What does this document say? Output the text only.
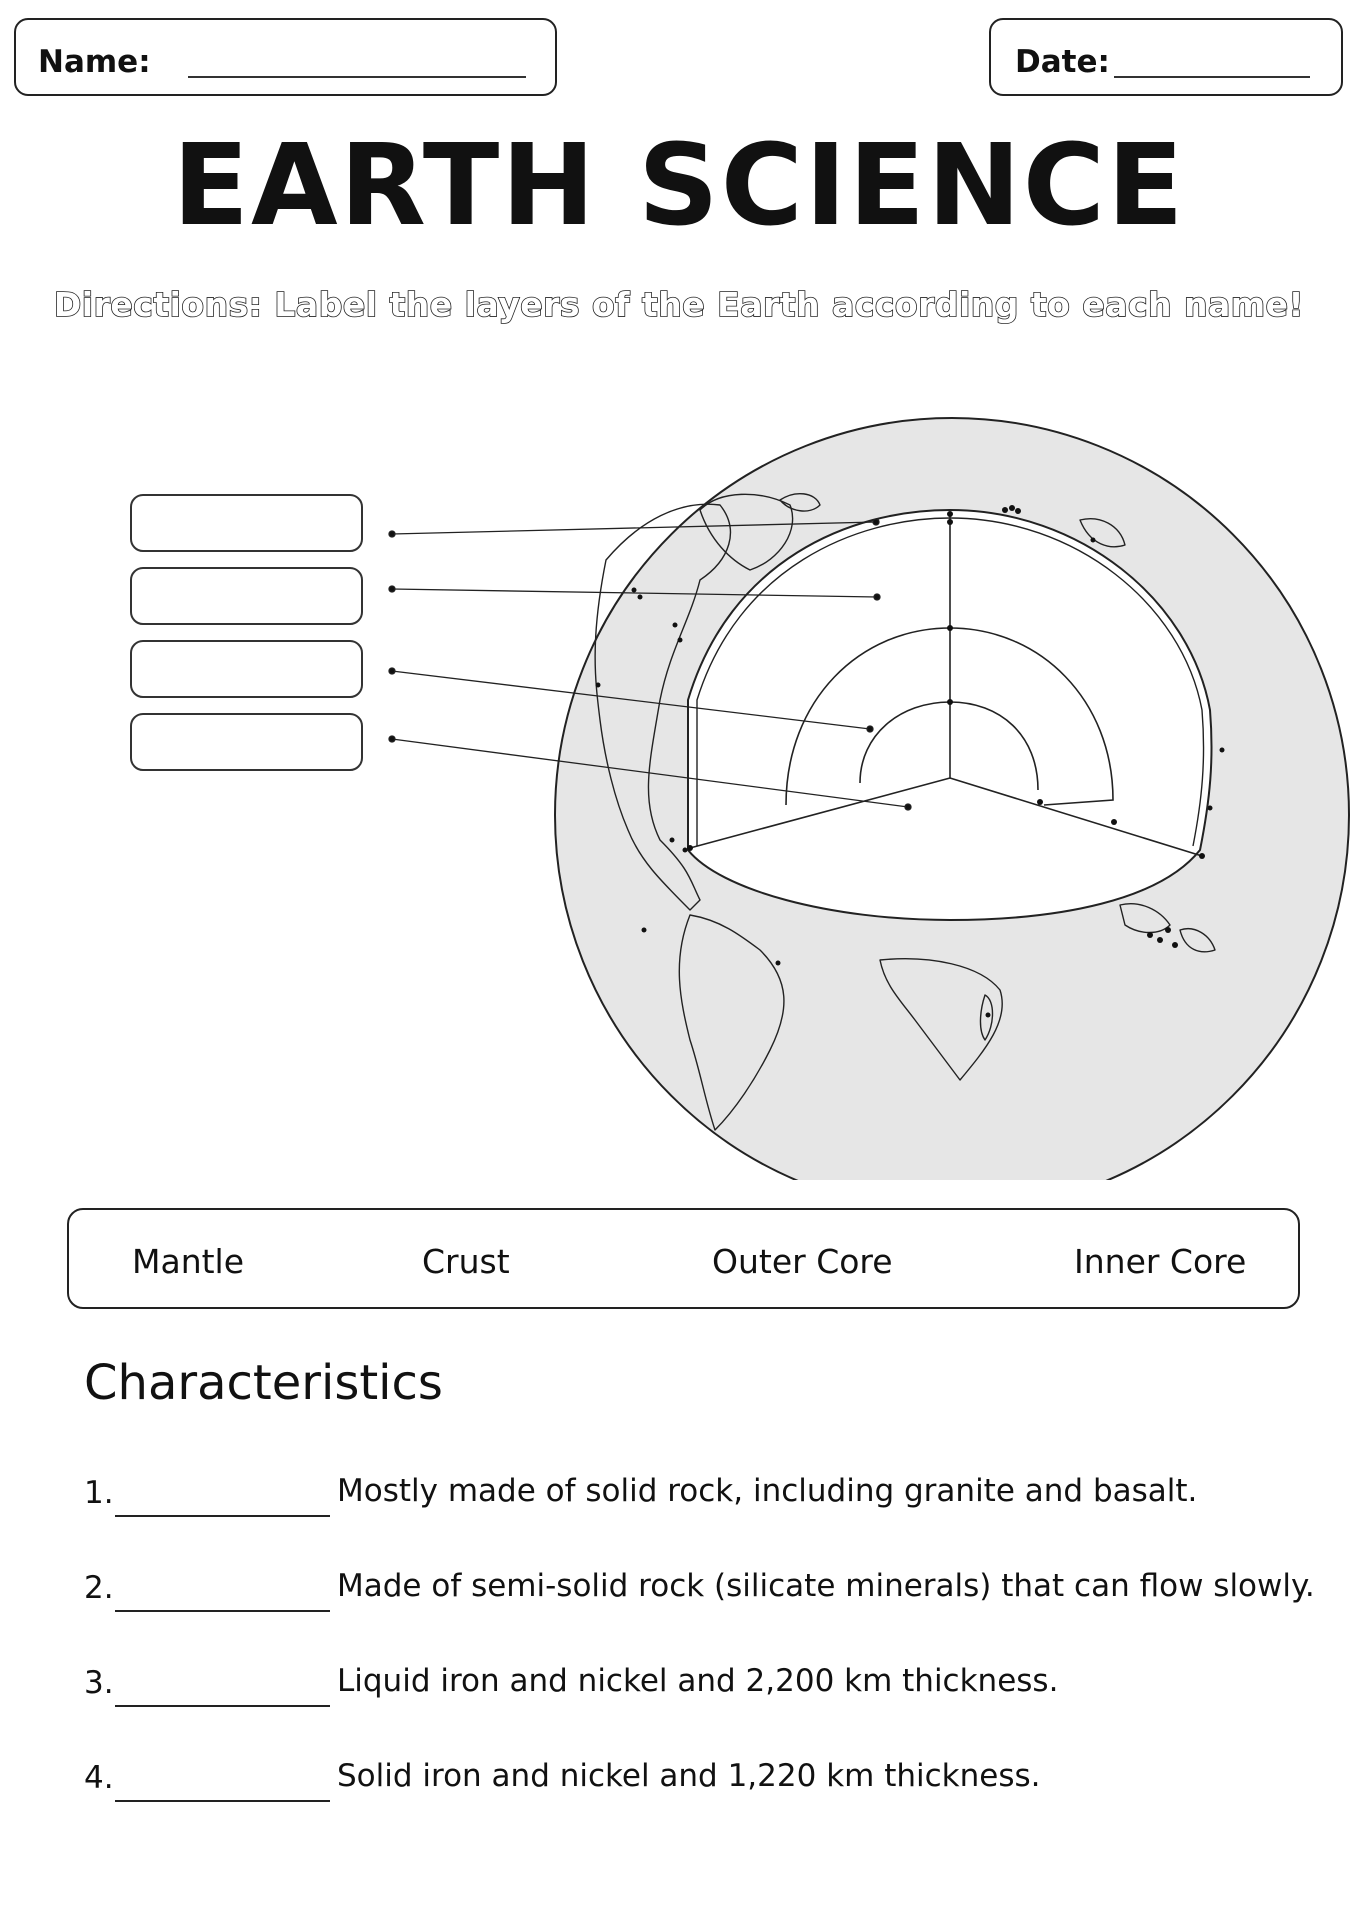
Name:	Date:
EARTH SCIENCE
Directions: Label the layers of the Earth according to each name!
Mantle	Crust	Outer Core	Inner Core
Characteristics
1.	Mostly made of solid rock, including granite and basalt.
2.	Made of semi-solid rock (silicate minerals) that can flow slowly.
3.	Liquid iron and nickel and 2,200 km thickness.
4.	Solid iron and nickel and 1,220 km thickness.
